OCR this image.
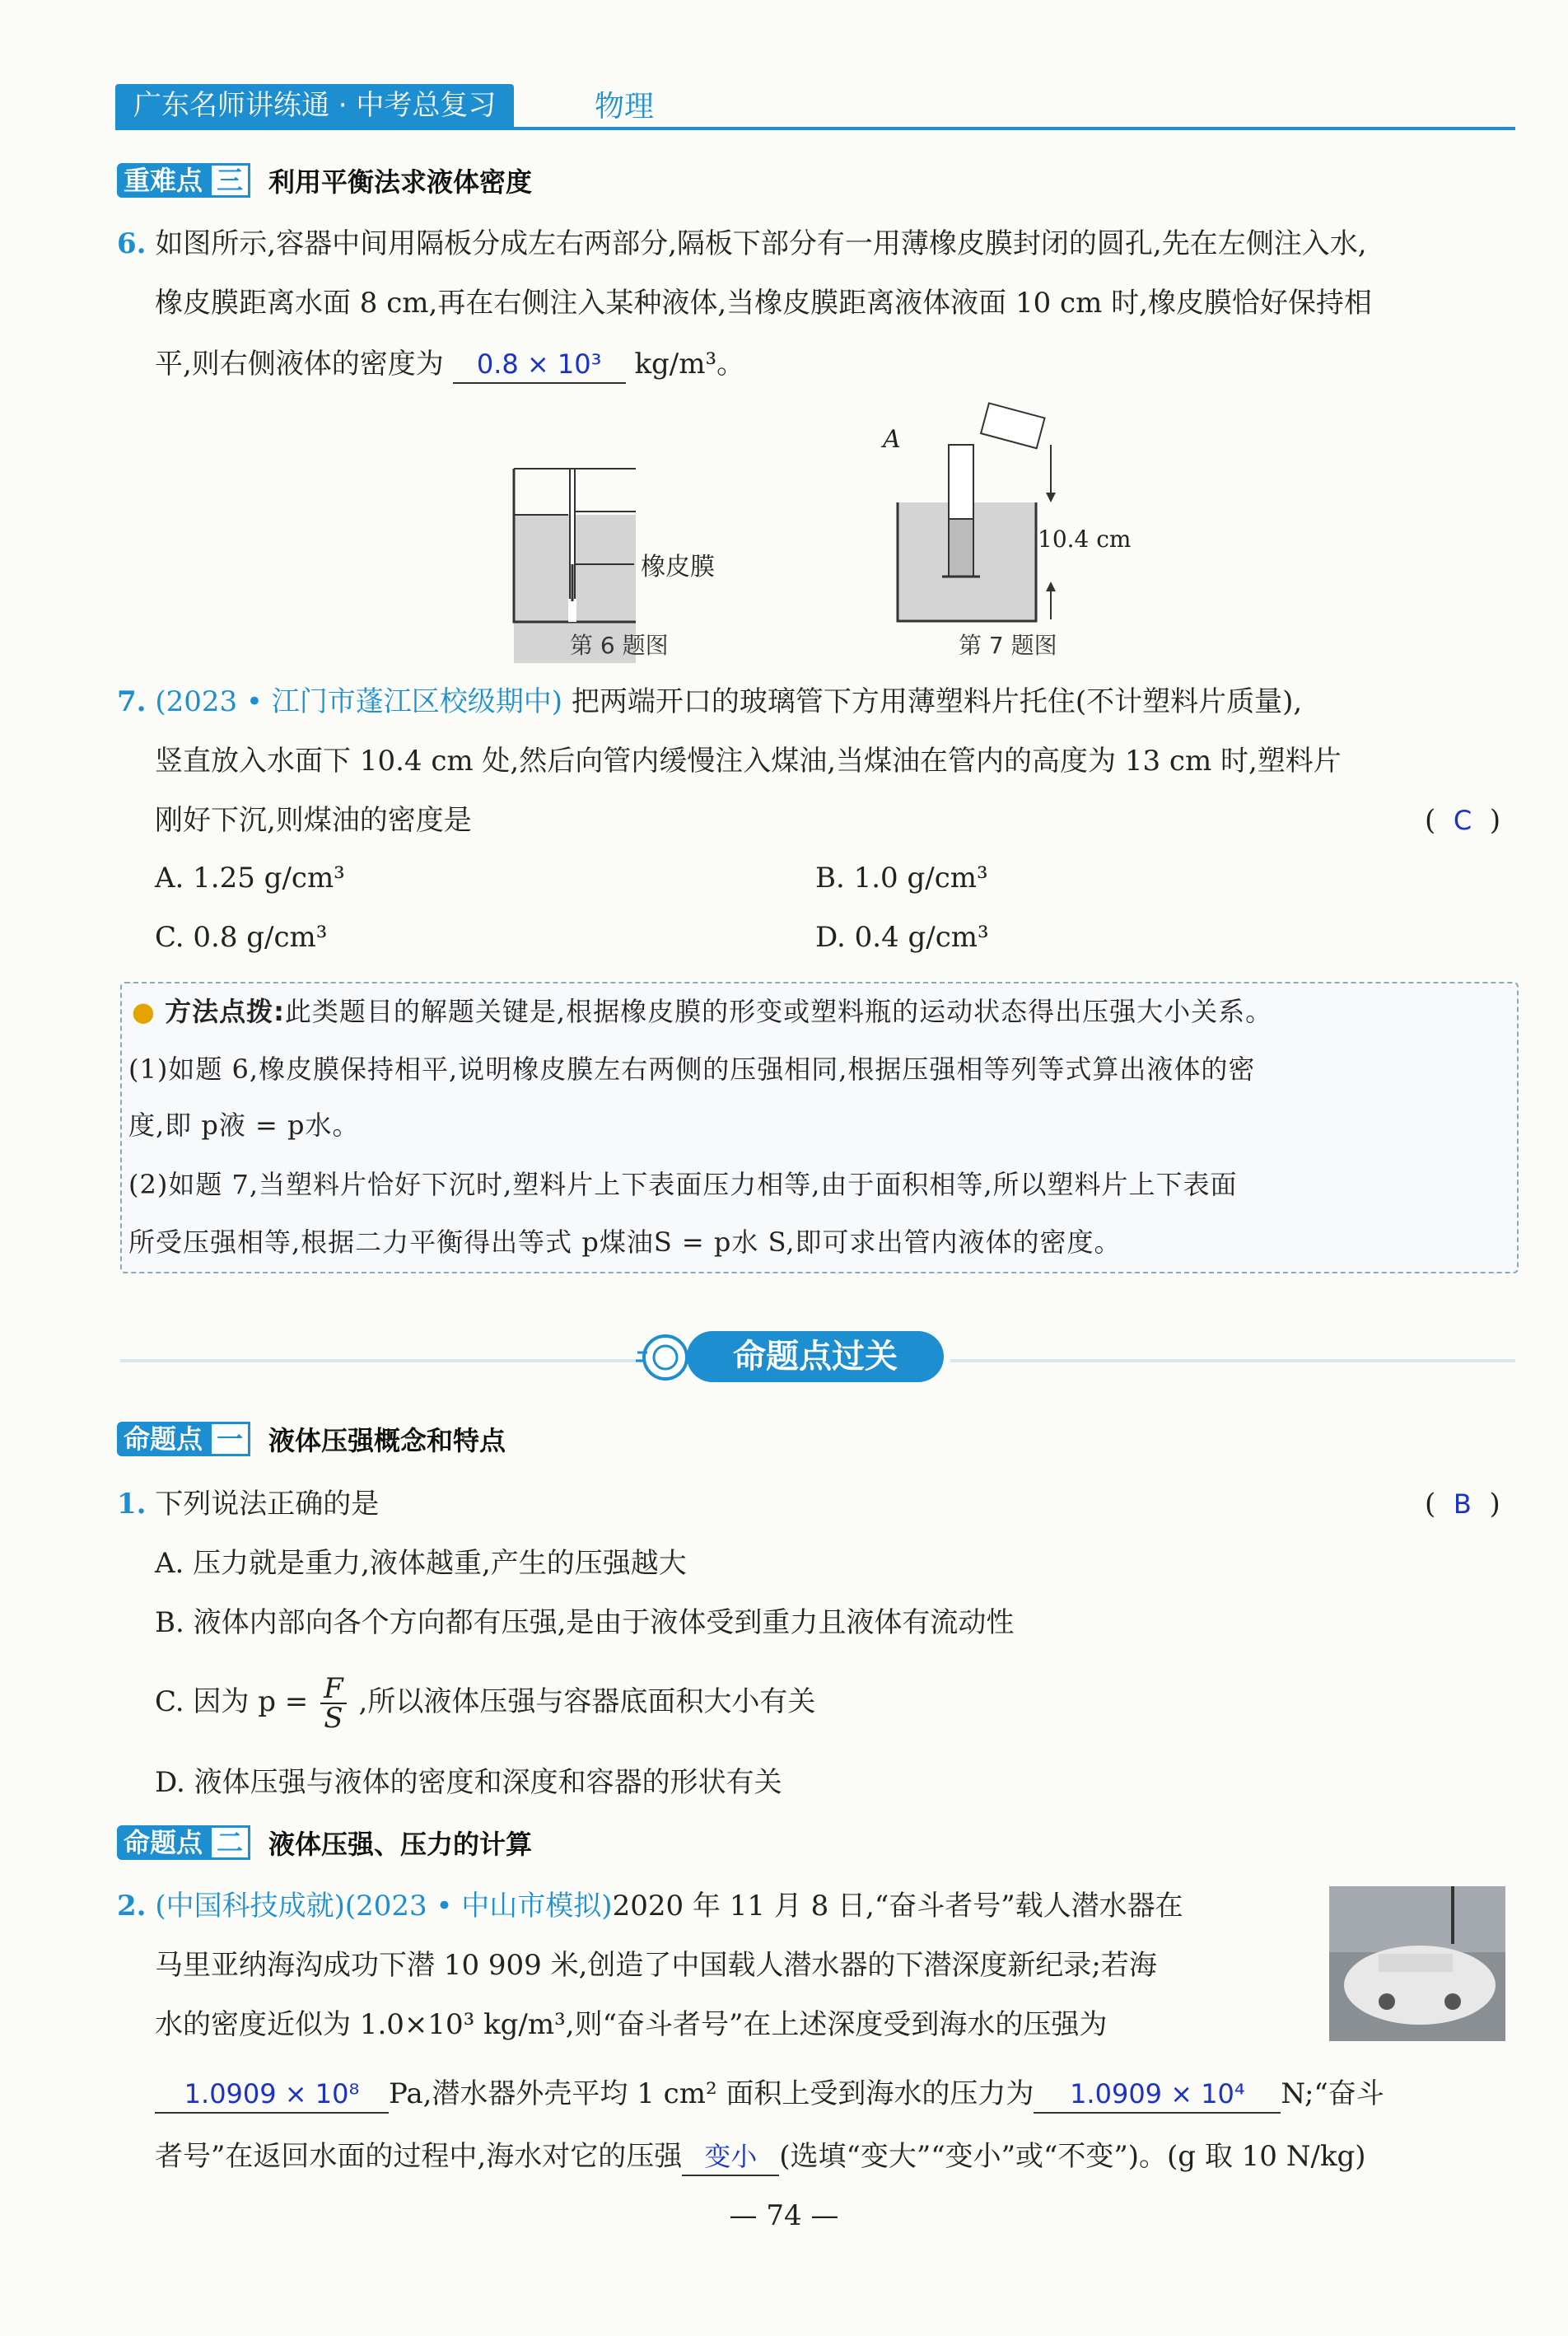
广东名师讲练通 · 中考总复习	物理
重难点 三 利用平衡法求液体密度
6. 如图所示,容器中间用隔板分成左右两部分,隔板下部分有一用薄橡皮膜封闭的圆孔,先在左侧注入水,
橡皮膜距离水面 8 cm,再在右侧注入某种液体,当橡皮膜距离液体液面 10 cm 时,橡皮膜恰好保持相
平,则右侧液体的密度为 0.8 × 10³ kg/m³。
橡皮膜
第 6 题图
A
10.4 cm
第 7 题图
7. (2023 • 江门市蓬江区校级期中) 把两端开口的玻璃管下方用薄塑料片托住(不计塑料片质量),
竖直放入水面下 10.4 cm 处,然后向管内缓慢注入煤油,当煤油在管内的高度为 13 cm 时,塑料片
刚好下沉,则煤油的密度是	(  C  )
A. 1.25 g/cm³	B. 1.0 g/cm³
C. 0.8 g/cm³	D. 0.4 g/cm³
● 方法点拨:此类题目的解题关键是,根据橡皮膜的形变或塑料瓶的运动状态得出压强大小关系。
(1)如题 6,橡皮膜保持相平,说明橡皮膜左右两侧的压强相同,根据压强相等列等式算出液体的密
度,即 p液 = p水。
(2)如题 7,当塑料片恰好下沉时,塑料片上下表面压力相等,由于面积相等,所以塑料片上下表面
所受压强相等,根据二力平衡得出等式 p煤油S = p水 S,即可求出管内液体的密度。
命题点过关
命题点 一 液体压强概念和特点
1. 下列说法正确的是	(  B  )
A. 压力就是重力,液体越重,产生的压强越大
B. 液体内部向各个方向都有压强,是由于液体受到重力且液体有流动性
C. 因为 $p = \frac{F}{S}$ ,所以液体压强与容器底面积大小有关
D. 液体压强与液体的密度和深度和容器的形状有关
命题点 二 液体压强、压力的计算
2. (中国科技成就)(2023 • 中山市模拟)2020 年 11 月 8 日,“奋斗者号”载人潜水器在
马里亚纳海沟成功下潜 10 909 米,创造了中国载人潜水器的下潜深度新纪录;若海
水的密度近似为 1.0×10³ kg/m³,则“奋斗者号”在上述深度受到海水的压强为
1.0909 × 10⁸ Pa,潜水器外壳平均 1 cm² 面积上受到海水的压力为 1.0909 × 10⁴ N;“奋斗
者号”在返回水面的过程中,海水对它的压强 变小 (选填“变大”“变小”或“不变”)。(g 取 10 N/kg)
— 74 —
